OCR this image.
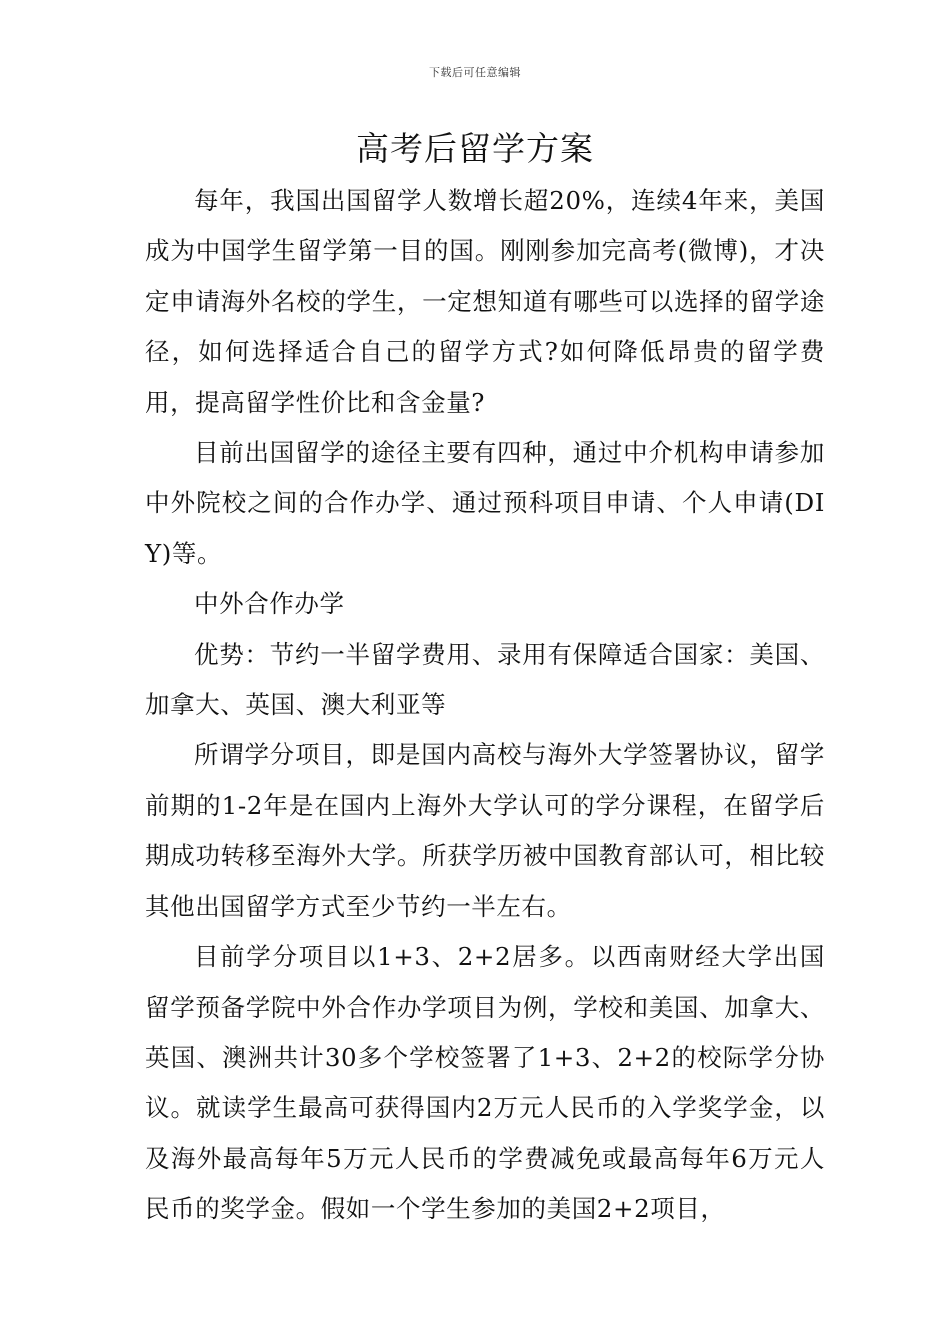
下载后可任意编辑
高考后留学方案

每年，我国出国留学人数增长超20%，连续4年来，美国成为中国学生留学第一目的国。刚刚参加完高考(微博)，才决定申请海外名校的学生，一定想知道有哪些可以选择的留学途径，如何选择适合自己的留学方式?如何降低昂贵的留学费用，提高留学性价比和含金量?

目前出国留学的途径主要有四种，通过中介机构申请参加中外院校之间的合作办学、通过预科项目申请、个人申请(DIY)等。

中外合作办学

优势：节约一半留学费用、录用有保障适合国家：美国、加拿大、英国、澳大利亚等

所谓学分项目，即是国内高校与海外大学签署协议，留学前期的1-2年是在国内上海外大学认可的学分课程，在留学后期成功转移至海外大学。所获学历被中国教育部认可，相比较其他出国留学方式至少节约一半左右。

目前学分项目以1+3、2+2居多。以西南财经大学出国留学预备学院中外合作办学项目为例，学校和美国、加拿大、英国、澳洲共计30多个学校签署了1+3、2+2的校际学分协议。就读学生最高可获得国内2万元人民币的入学奖学金，以及海外最高每年5万元人民币的学费减免或最高每年6万元人民币的奖学金。假如一个学生参加的美国2+2项目，
